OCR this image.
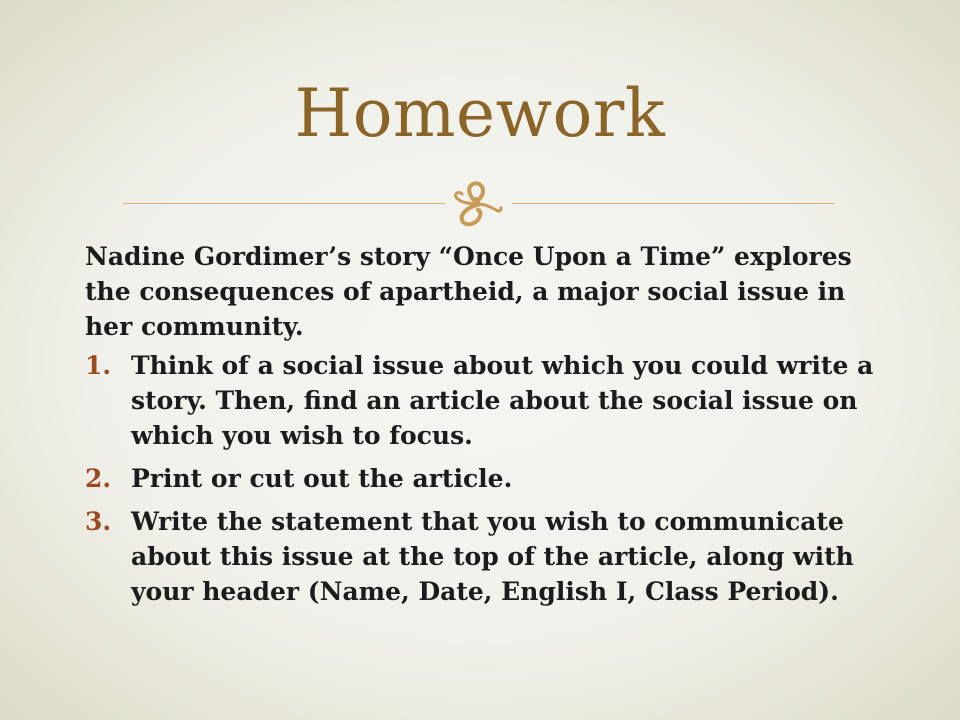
Homework

Nadine Gordimer’s story “Once Upon a Time” explores the consequences of apartheid, a major social issue in her community.

1. Think of a social issue about which you could write a story. Then, find an article about the social issue on which you wish to focus.
2. Print or cut out the article.
3. Write the statement that you wish to communicate about this issue at the top of the article, along with your header (Name, Date, English I, Class Period).
